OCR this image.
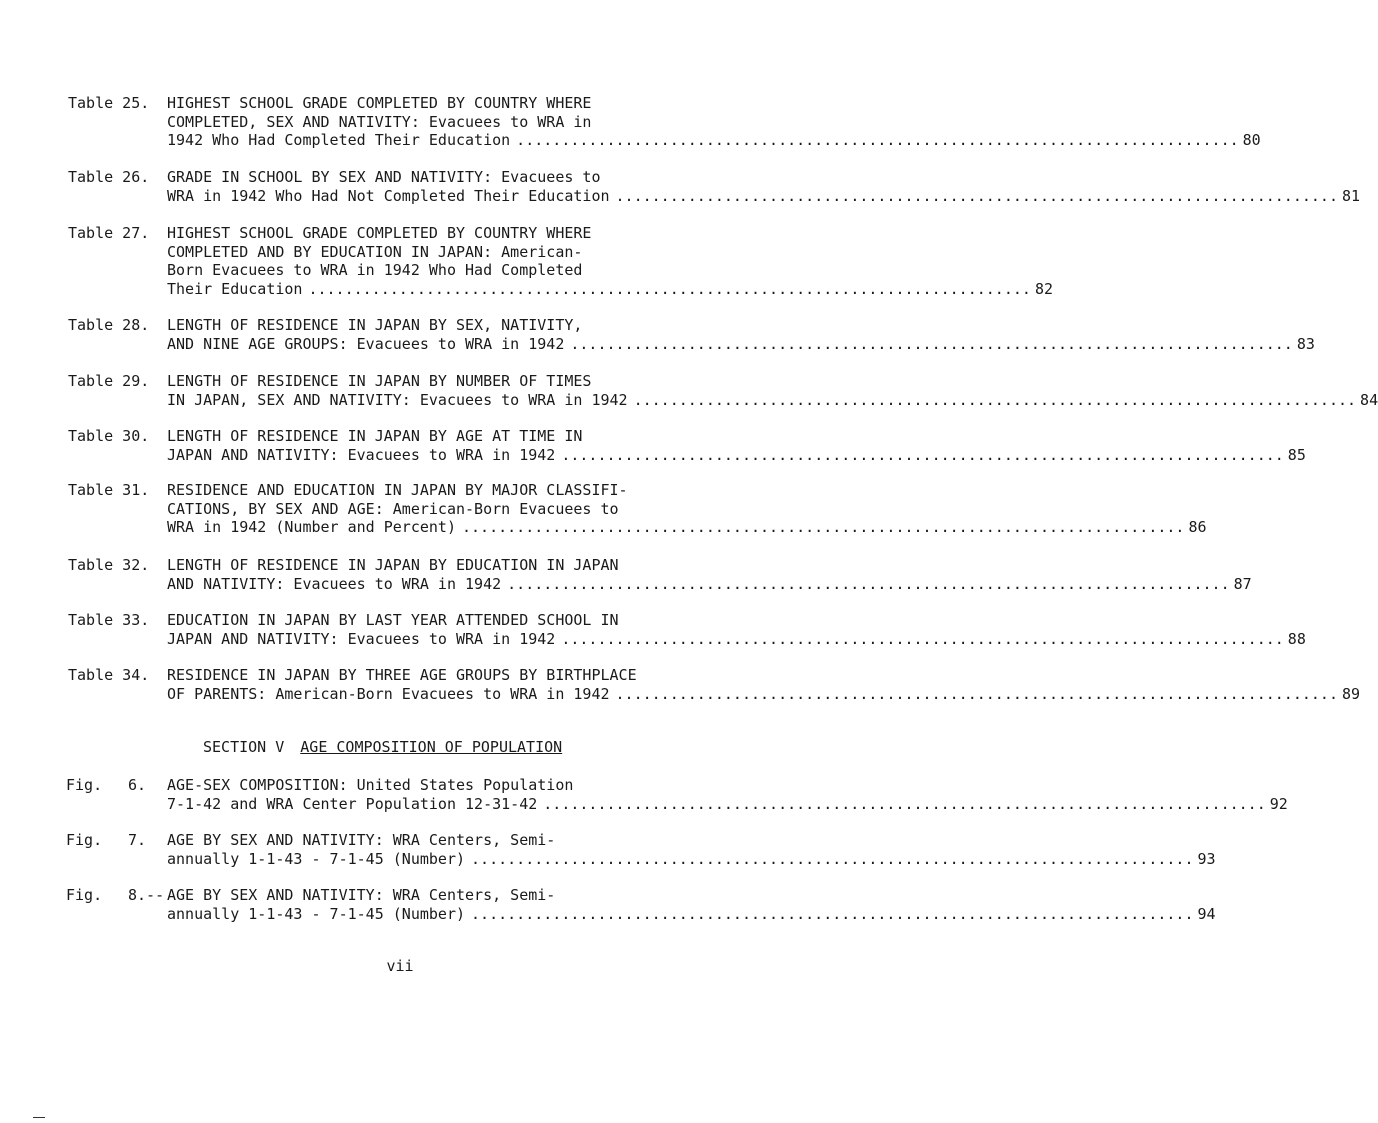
Table 25. HIGHEST SCHOOL GRADE COMPLETED BY COUNTRY WHERE
COMPLETED, SEX AND NATIVITY: Evacuees to WRA in
1942 Who Had Completed Their Education ................................................................................ 80
Table 26. GRADE IN SCHOOL BY SEX AND NATIVITY: Evacuees to
WRA in 1942 Who Had Not Completed Their Education ................................................................................ 81
Table 27. HIGHEST SCHOOL GRADE COMPLETED BY COUNTRY WHERE
COMPLETED AND BY EDUCATION IN JAPAN: American-
Born Evacuees to WRA in 1942 Who Had Completed
Their Education ................................................................................ 82
Table 28. LENGTH OF RESIDENCE IN JAPAN BY SEX, NATIVITY,
AND NINE AGE GROUPS: Evacuees to WRA in 1942 ................................................................................ 83
Table 29. LENGTH OF RESIDENCE IN JAPAN BY NUMBER OF TIMES
IN JAPAN, SEX AND NATIVITY: Evacuees to WRA in 1942 ................................................................................ 84
Table 30. LENGTH OF RESIDENCE IN JAPAN BY AGE AT TIME IN
JAPAN AND NATIVITY: Evacuees to WRA in 1942 ................................................................................ 85
Table 31. RESIDENCE AND EDUCATION IN JAPAN BY MAJOR CLASSIFI-
CATIONS, BY SEX AND AGE: American-Born Evacuees to
WRA in 1942 (Number and Percent) ................................................................................ 86
Table 32. LENGTH OF RESIDENCE IN JAPAN BY EDUCATION IN JAPAN
AND NATIVITY: Evacuees to WRA in 1942 ................................................................................ 87
Table 33. EDUCATION IN JAPAN BY LAST YEAR ATTENDED SCHOOL IN
JAPAN AND NATIVITY: Evacuees to WRA in 1942 ................................................................................ 88
Table 34. RESIDENCE IN JAPAN BY THREE AGE GROUPS BY BIRTHPLACE
OF PARENTS: American-Born Evacuees to WRA in 1942 ................................................................................ 89
SECTION V AGE COMPOSITION OF POPULATION
Fig. 6. AGE-SEX COMPOSITION: United States Population
7-1-42 and WRA Center Population 12-31-42 ................................................................................ 92
Fig. 7. AGE BY SEX AND NATIVITY: WRA Centers, Semi-
annually 1-1-43 - 7-1-45 (Number) ................................................................................ 93
Fig. 8.-- AGE BY SEX AND NATIVITY: WRA Centers, Semi-
annually 1-1-43 - 7-1-45 (Number) ................................................................................ 94
vii
